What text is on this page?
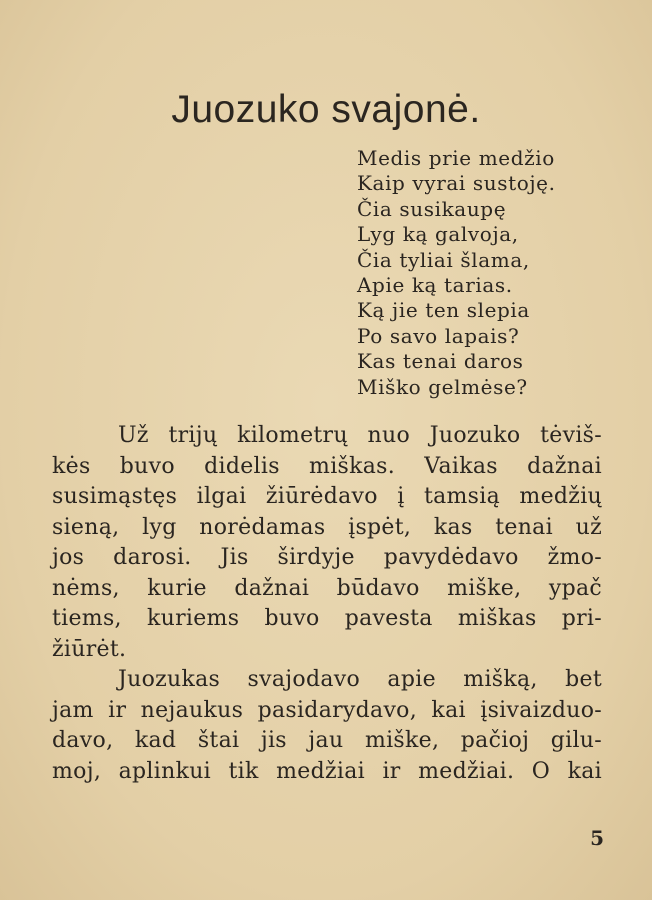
Juozuko svajonė.
Medis prie medžio
Kaip vyrai sustoję.
Čia susikaupę
Lyg ką galvoja,
Čia tyliai šlama,
Apie ką tarias.
Ką jie ten slepia
Po savo lapais?
Kas tenai daros
Miško gelmėse?
Už trijų kilometrų nuo Juozuko tėviš-
kės buvo didelis miškas. Vaikas dažnai
susimąstęs ilgai žiūrėdavo į tamsią medžių
sieną, lyg norėdamas įspėt, kas tenai už
jos darosi. Jis širdyje pavydėdavo žmo-
nėms, kurie dažnai būdavo miške, ypač
tiems, kuriems buvo pavesta miškas pri-
žiūrėt.
Juozukas svajodavo apie mišką, bet
jam ir nejaukus pasidarydavo, kai įsivaizduo-
davo, kad štai jis jau miške, pačioj gilu-
moj, aplinkui tik medžiai ir medžiai. O kai
5
